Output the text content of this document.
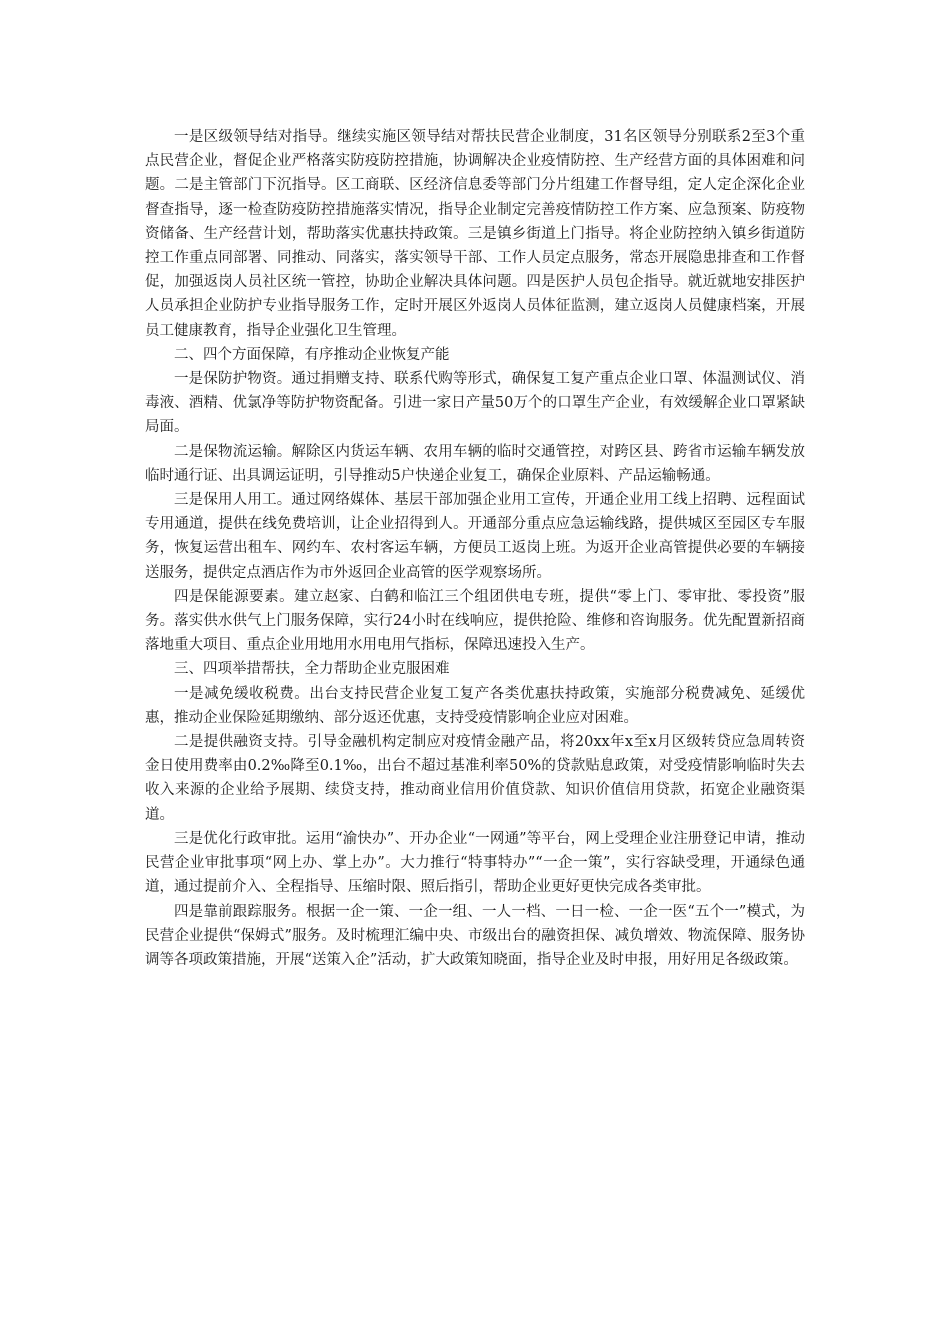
一是区级领导结对指导。继续实施区领导结对帮扶民营企业制度，31名区领导分别联系2至3个重点民营企业，督促企业严格落实防疫防控措施，协调解决企业疫情防控、生产经营方面的具体困难和问题。二是主管部门下沉指导。区工商联、区经济信息委等部门分片组建工作督导组，定人定企深化企业督查指导，逐一检查防疫防控措施落实情况，指导企业制定完善疫情防控工作方案、应急预案、防疫物资储备、生产经营计划，帮助落实优惠扶持政策。三是镇乡街道上门指导。将企业防控纳入镇乡街道防控工作重点同部署、同推动、同落实，落实领导干部、工作人员定点服务，常态开展隐患排查和工作督促，加强返岗人员社区统一管控，协助企业解决具体问题。四是医护人员包企指导。就近就地安排医护人员承担企业防护专业指导服务工作，定时开展区外返岗人员体征监测，建立返岗人员健康档案，开展员工健康教育，指导企业强化卫生管理。

二、四个方面保障，有序推动企业恢复产能

一是保防护物资。通过捐赠支持、联系代购等形式，确保复工复产重点企业口罩、体温测试仪、消毒液、酒精、优氯净等防护物资配备。引进一家日产量50万个的口罩生产企业，有效缓解企业口罩紧缺局面。

二是保物流运输。解除区内货运车辆、农用车辆的临时交通管控，对跨区县、跨省市运输车辆发放临时通行证、出具调运证明，引导推动5户快递企业复工，确保企业原料、产品运输畅通。

三是保用人用工。通过网络媒体、基层干部加强企业用工宣传，开通企业用工线上招聘、远程面试专用通道，提供在线免费培训，让企业招得到人。开通部分重点应急运输线路，提供城区至园区专车服务，恢复运营出租车、网约车、农村客运车辆，方便员工返岗上班。为返开企业高管提供必要的车辆接送服务，提供定点酒店作为市外返回企业高管的医学观察场所。

四是保能源要素。建立赵家、白鹤和临江三个组团供电专班，提供“零上门、零审批、零投资”服务。落实供水供气上门服务保障，实行24小时在线响应，提供抢险、维修和咨询服务。优先配置新招商落地重大项目、重点企业用地用水用电用气指标，保障迅速投入生产。

三、四项举措帮扶，全力帮助企业克服困难

一是减免缓收税费。出台支持民营企业复工复产各类优惠扶持政策，实施部分税费减免、延缓优惠，推动企业保险延期缴纳、部分返还优惠，支持受疫情影响企业应对困难。

二是提供融资支持。引导金融机构定制应对疫情金融产品，将20xx年x至x月区级转贷应急周转资金日使用费率由0.2‰降至0.1‰，出台不超过基准利率50%的贷款贴息政策，对受疫情影响临时失去收入来源的企业给予展期、续贷支持，推动商业信用价值贷款、知识价值信用贷款，拓宽企业融资渠道。

三是优化行政审批。运用“渝快办”、开办企业“一网通”等平台，网上受理企业注册登记申请，推动民营企业审批事项“网上办、掌上办”。大力推行“特事特办”“一企一策”，实行容缺受理，开通绿色通道，通过提前介入、全程指导、压缩时限、照后指引，帮助企业更好更快完成各类审批。

四是靠前跟踪服务。根据一企一策、一企一组、一人一档、一日一检、一企一医“五个一”模式，为民营企业提供“保姆式”服务。及时梳理汇编中央、市级出台的融资担保、减负增效、物流保障、服务协调等各项政策措施，开展“送策入企”活动，扩大政策知晓面，指导企业及时申报，用好用足各级政策。
